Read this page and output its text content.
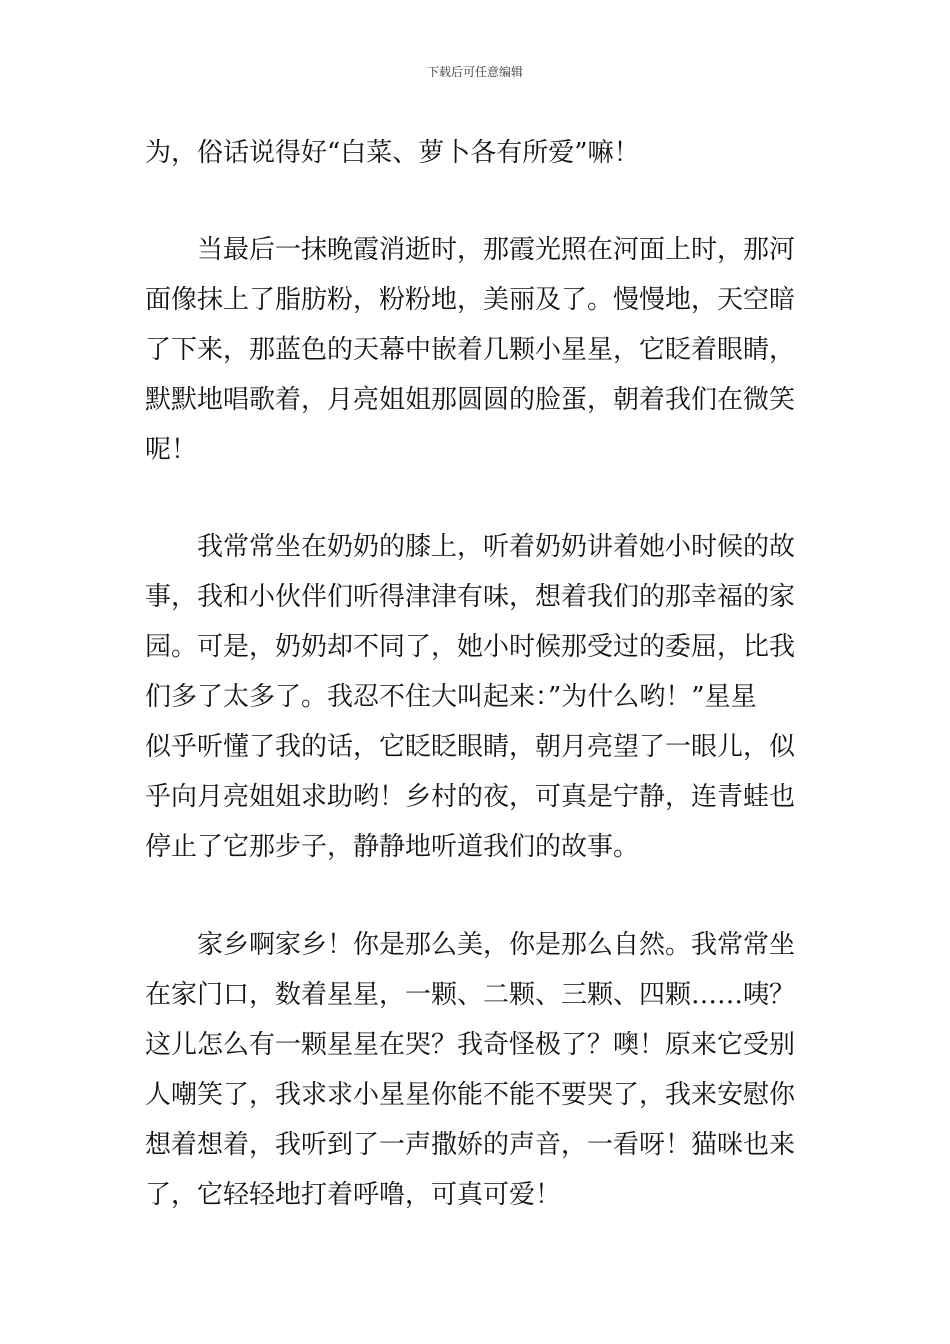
下载后可任意编辑

为，俗话说得好“白菜、萝卜各有所爱”嘛！

　　当最后一抹晚霞消逝时，那霞光照在河面上时，那河
面像抹上了脂肪粉，粉粉地，美丽及了。慢慢地，天空暗
了下来，那蓝色的天幕中嵌着几颗小星星，它眨着眼睛，
默默地唱歌着，月亮姐姐那圆圆的脸蛋，朝着我们在微笑
呢！

　　我常常坐在奶奶的膝上，听着奶奶讲着她小时候的故
事，我和小伙伴们听得津津有味，想着我们的那幸福的家
园。可是，奶奶却不同了，她小时候那受过的委屈，比我
们多了太多了。我忍不住大叫起来：”为什么哟！”星星
似乎听懂了我的话，它眨眨眼睛，朝月亮望了一眼儿，似
乎向月亮姐姐求助哟！乡村的夜，可真是宁静，连青蛙也
停止了它那步子，静静地听道我们的故事。

　　家乡啊家乡！你是那么美，你是那么自然。我常常坐
在家门口，数着星星，一颗、二颗、三颗、四颗……咦？
这儿怎么有一颗星星在哭？我奇怪极了？噢！原来它受别
人嘲笑了，我求求小星星你能不能不要哭了，我来安慰你
想着想着，我听到了一声撒娇的声音，一看呀！猫咪也来
了，它轻轻地打着呼噜，可真可爱！
